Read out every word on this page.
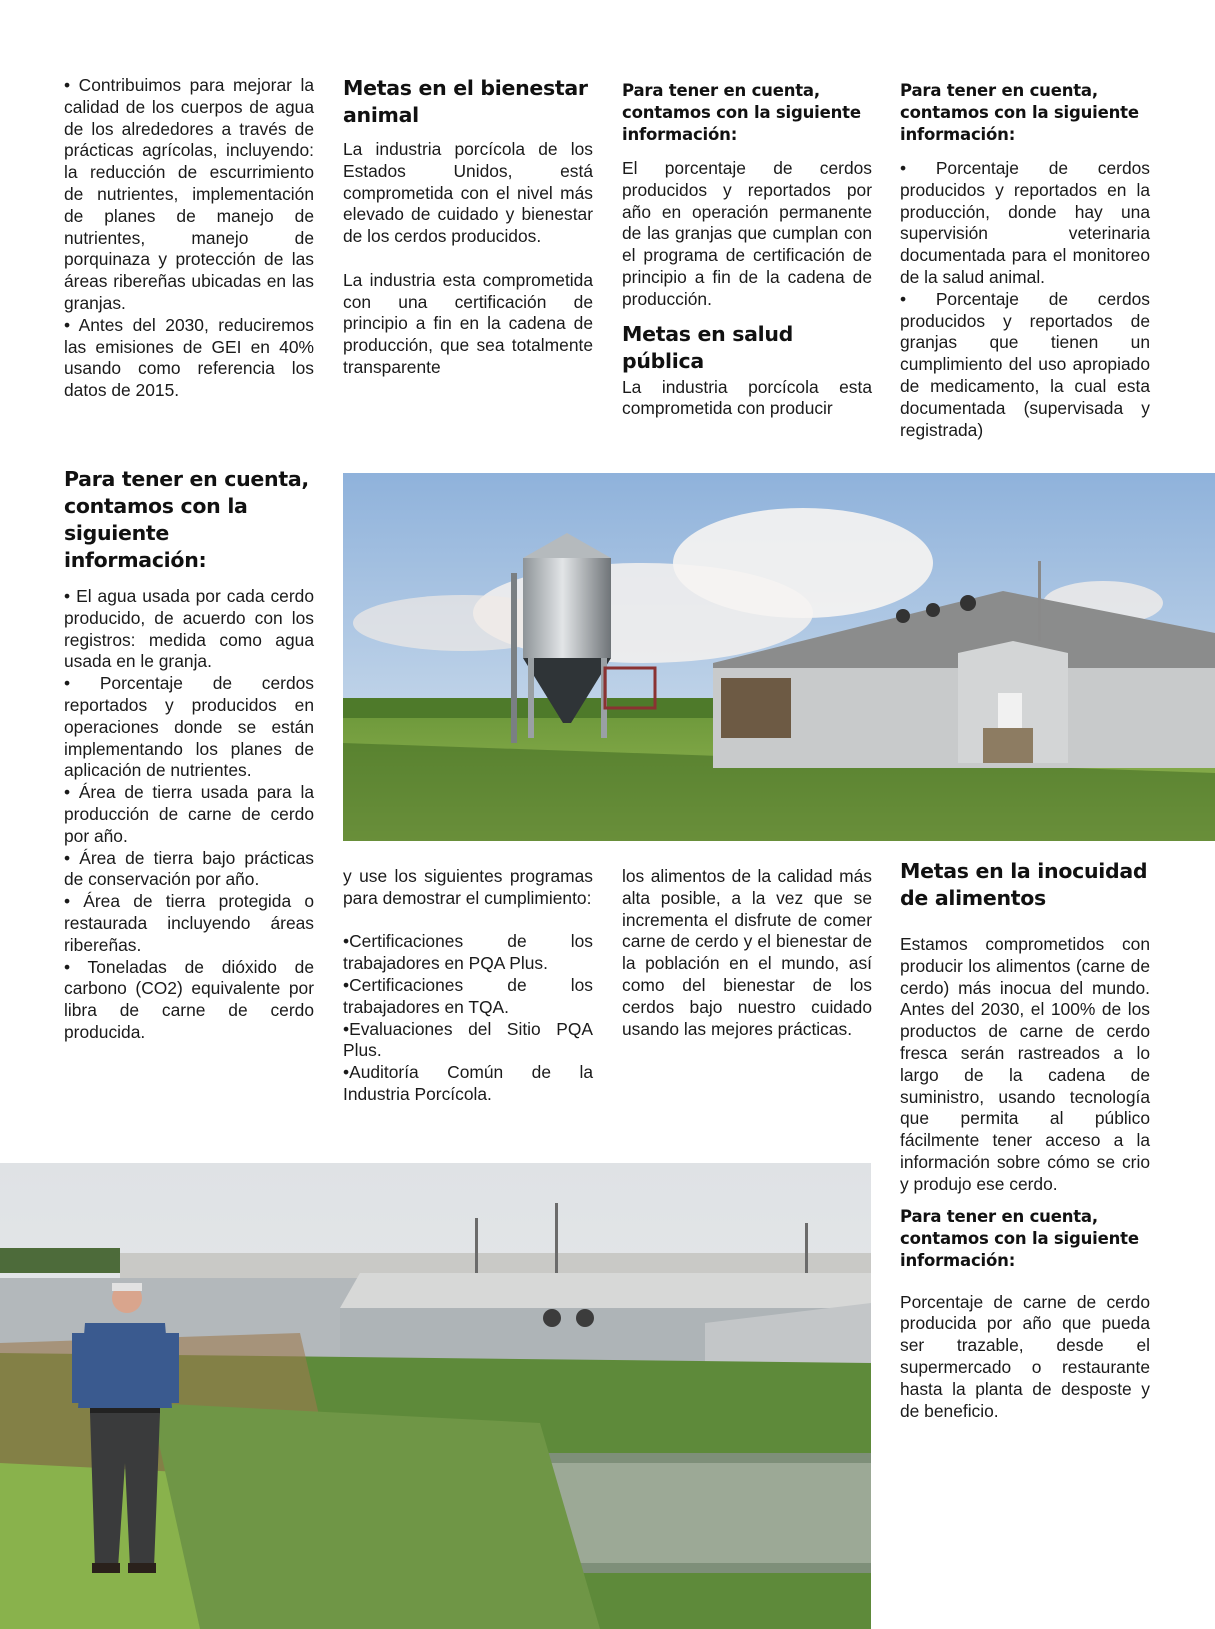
• Contribuimos para mejorar la calidad de los cuerpos de agua de los alrededores a través de prácticas agrícolas, incluyendo: la reducción de escurrimiento de nutrientes, implementación de planes de manejo de nutrientes, manejo de porquinaza y protección de las áreas ribereñas ubicadas en las granjas.
• Antes del 2030, reduciremos las emisiones de GEI en 40% usando como referencia los datos de 2015.

Para tener en cuenta, contamos con la siguiente información:

• El agua usada por cada cerdo producido, de acuerdo con los registros: medida como agua usada en le granja.
• Porcentaje de cerdos reportados y producidos en operaciones donde se están implementando los planes de aplicación de nutrientes.
• Área de tierra usada para la producción de carne de cerdo por año.
• Área de tierra bajo prácticas de conservación por año.
• Área de tierra protegida o restaurada incluyendo áreas ribereñas.
• Toneladas de dióxido de carbono (CO2) equivalente por libra de carne de cerdo producida.

Metas en el bienestar animal

La industria porcícola de los Estados Unidos, está comprometida con el nivel más elevado de cuidado y bienestar de los cerdos producidos.

La industria esta comprometida con una certificación de principio a fin en la cadena de producción, que sea totalmente transparente

Para tener en cuenta, contamos con la siguiente información:

El porcentaje de cerdos producidos y reportados por año en operación permanente de las granjas que cumplan con el programa de certificación de principio a fin de la cadena de producción.

Metas en salud pública

La industria porcícola esta comprometida con producir

Para tener en cuenta, contamos con la siguiente información:

• Porcentaje de cerdos producidos y reportados en la producción, donde hay una supervisión veterinaria documentada para el monitoreo de la salud animal.
• Porcentaje de cerdos producidos y reportados de granjas que tienen un cumplimiento del uso apropiado de medicamento, la cual esta documentada (supervisada y registrada)

y use los siguientes programas para demostrar el cumplimiento:

•Certificaciones de los trabajadores en PQA Plus.
•Certificaciones de los trabajadores en TQA.
•Evaluaciones del Sitio PQA Plus.
•Auditoría Común de la Industria Porcícola.

los alimentos de la calidad más alta posible, a la vez que se incrementa el disfrute de comer carne de cerdo y el bienestar de la población en el mundo, así como del bienestar de los cerdos bajo nuestro cuidado usando las mejores prácticas.

Metas en la inocuidad de alimentos

Estamos comprometidos con producir los alimentos (carne de cerdo) más inocua del mundo. Antes del 2030, el 100% de los productos de carne de cerdo fresca serán rastreados a lo largo de la cadena de suministro, usando tecnología que permita al público fácilmente tener acceso a la información sobre cómo se crio y produjo ese cerdo.

Para tener en cuenta, contamos con la siguiente información:

Porcentaje de carne de cerdo producida por año que pueda ser trazable, desde el supermercado o restaurante hasta la planta de desposte y de beneficio.
